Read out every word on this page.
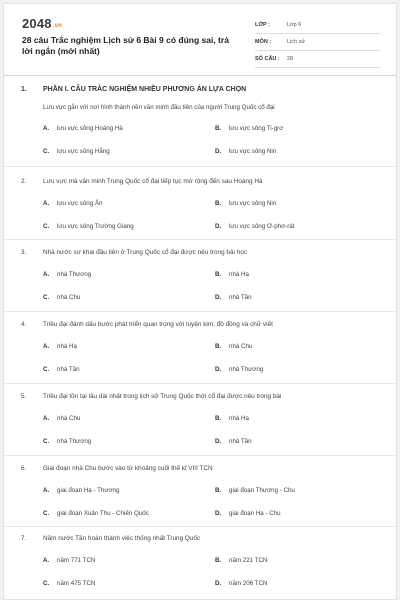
2048.vn
28 câu Trắc nghiệm Lịch sử 6 Bài 9 có đúng sai, trả lời ngắn (mới nhất)
LỚP :	Lớp 6
MÔN :	Lịch sử
SỐ CÂU :	28
1.	PHẦN I. CÂU TRẮC NGHIỆM NHIỀU PHƯƠNG ÁN LỰA CHỌN
Lưu vực gắn với nơi hình thành nền văn minh đầu tiên của người Trung Quốc cổ đại
A.	lưu vực sông Hoàng Hà	B.	lưu vực sông Ti-grơ
C.	lưu vực sông Hằng	D.	lưu vực sông Nin
2.	Lưu vực mà văn minh Trung Quốc cổ đại tiếp tục mở rộng đến sau Hoàng Hà
A.	lưu vực sông Ấn	B.	lưu vực sông Nin
C.	lưu vực sông Trường Giang	D.	lưu vực sông Ơ-phơ-rát
3.	Nhà nước sơ khai đầu tiên ở Trung Quốc cổ đại được nêu trong bài học
A.	nhà Thương	B.	nhà Hạ
C.	nhà Chu	D.	nhà Tần
4.	Triều đại đánh dấu bước phát triển quan trọng với luyện kim, đồ đồng và chữ viết
A.	nhà Hạ	B.	nhà Chu
C.	nhà Tần	D.	nhà Thương
5.	Triều đại tồn tại lâu dài nhất trong lịch sử Trung Quốc thời cổ đại được nêu trong bài
A.	nhà Chu	B.	nhà Hạ
C.	nhà Thương	D.	nhà Tần
6.	Giai đoạn nhà Chu bước vào từ khoảng cuối thế kỉ VIII TCN
A.	giai đoạn Hạ - Thương	B.	giai đoạn Thương - Chu
C.	giai đoạn Xuân Thu - Chiến Quốc	D.	giai đoạn Hạ - Chu
7.	Năm nước Tần hoàn thành việc thống nhất Trung Quốc
A.	năm 771 TCN	B.	năm 221 TCN
C.	năm 475 TCN	D.	năm 206 TCN
